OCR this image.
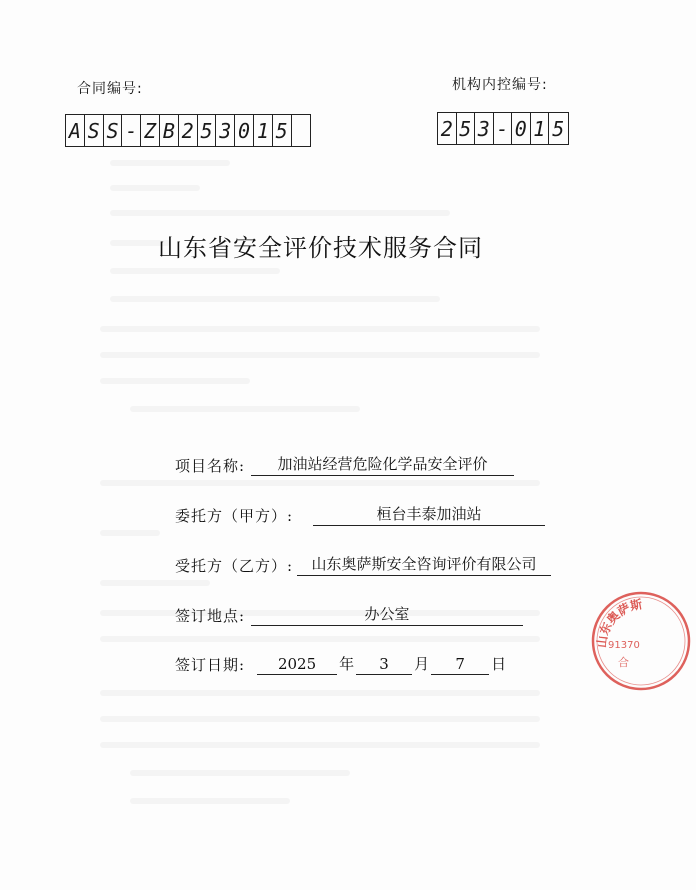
合同编号:
A S S - Z B 2 5 3 0 1 5
机构内控编号:
2 5 3 - 0 1 5
山东省安全评价技术服务合同
项目名称:	加油站经营危险化学品安全评价
委托方（甲方）:	桓台丰泰加油站
受托方（乙方）:	山东奥萨斯安全咨询评价有限公司
签订地点:	办公室
签订日期:	2025	年	3	月	7	日
山东奥萨斯
91370
合
